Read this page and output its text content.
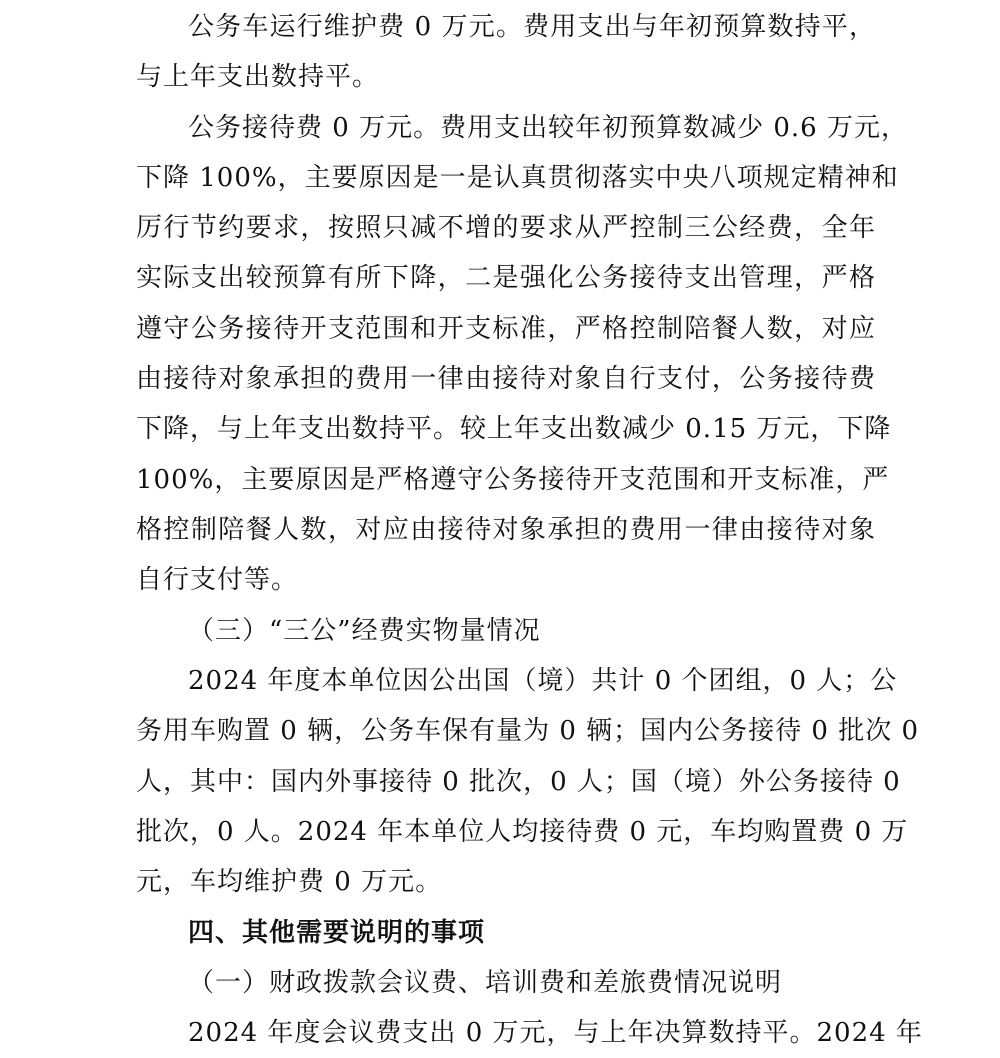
公务车运行维护费 0 万元。费用支出与年初预算数持平，
与上年支出数持平。
公务接待费 0 万元。费用支出较年初预算数减少 0.6 万元，
下降 100%，主要原因是一是认真贯彻落实中央八项规定精神和
厉行节约要求，按照只减不增的要求从严控制三公经费，全年
实际支出较预算有所下降，二是强化公务接待支出管理，严格
遵守公务接待开支范围和开支标准，严格控制陪餐人数，对应
由接待对象承担的费用一律由接待对象自行支付，公务接待费
下降，与上年支出数持平。较上年支出数减少 0.15 万元，下降
100%，主要原因是严格遵守公务接待开支范围和开支标准，严
格控制陪餐人数，对应由接待对象承担的费用一律由接待对象
自行支付等。
（三）“三公”经费实物量情况
2024 年度本单位因公出国（境）共计 0 个团组，0 人；公
务用车购置 0 辆，公务车保有量为 0 辆；国内公务接待 0 批次 0
人，其中：国内外事接待 0 批次，0 人；国（境）外公务接待 0
批次，0 人。2024 年本单位人均接待费 0 元，车均购置费 0 万
元，车均维护费 0 万元。
四、其他需要说明的事项
（一）财政拨款会议费、培训费和差旅费情况说明
2024 年度会议费支出 0 万元，与上年决算数持平。2024 年
